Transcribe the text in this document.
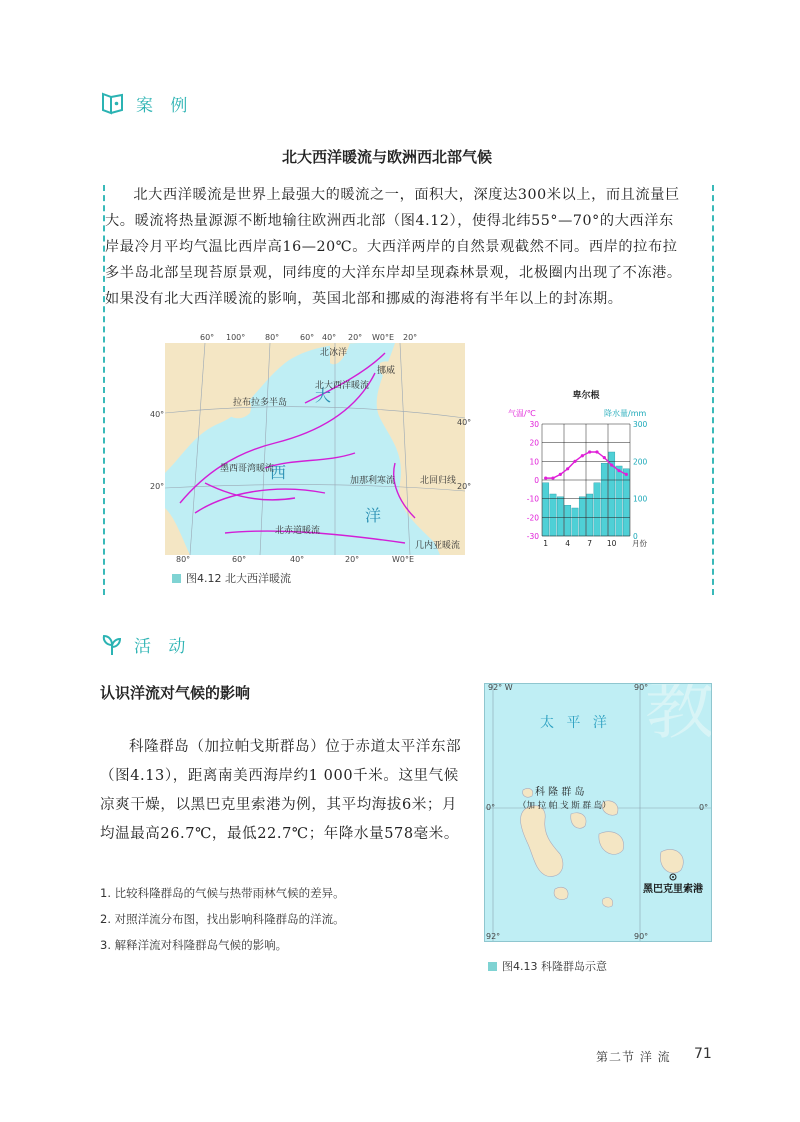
案 例
北大西洋暖流与欧洲西北部气候

北大西洋暖流是世界上最强大的暖流之一，面积大，深度达300米以上，而且流量巨大。暖流将热量源源不断地输往欧洲西北部（图4.12），使得北纬55°—70°的大西洋东岸最冷月平均气温比西岸高16—20℃。大西洋两岸的自然景观截然不同。西岸的拉布拉多半岛北部呈现苔原景观，同纬度的大洋东岸却呈现森林景观，北极圈内出现了不冻港。如果没有北大西洋暖流的影响，英国北部和挪威的海港将有半年以上的封冻期。

大
西
洋
拉布拉多半岛
北冰洋
挪威
北大西洋暖流
墨西哥湾暖流
加那利寒流
北赤道暖流
北回归线
几内亚暖流
60° 100° 80°	60° 40° 20° W0°E 20°
80°	60°	40°	20°	W0°E
40°
20°
40°
20°
图4.12 北大西洋暖流
卑尔根
气温/℃	降水量/mm
30
20
10
0
-10
-20
-30
300
200
100
0
1 4 7 10 月份
活 动
认识洋流对气候的影响

科隆群岛（加拉帕戈斯群岛）位于赤道太平洋东部（图4.13），距离南美西海岸约1 000千米。这里气候凉爽干燥，以黑巴克里索港为例，其平均海拔6米；月均温最高26.7℃，最低22.7℃；年降水量578毫米。

1. 比较科隆群岛的气候与热带雨林气候的差异。

2. 对照洋流分布图，找出影响科隆群岛的洋流。

3. 解释洋流对科隆群岛气候的影响。

教
92° W	90°
92°	90°
0°	0°
太 平 洋
科 隆 群 岛
（加 拉 帕 戈 斯 群 岛）
黑巴克里索港
图4.13 科隆群岛示意
第二节 洋 流 71
